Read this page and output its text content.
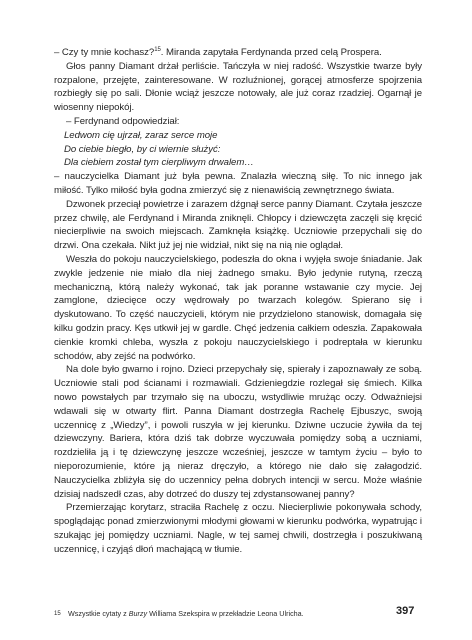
– Czy ty mnie kochasz?$^{15}$. Miranda zapytała Ferdynanda przed celą Prospera.

Głos panny Diamant drżał perliście. Tańczyła w niej radość. Wszystkie twarze były rozpalone, przejęte, zainteresowane. W rozluźnionej, gorącej atmosferze spojrzenia rozbiegły się po sali. Dłonie wciąż jeszcze notowały, ale już coraz rzadziej. Ogarnął je wiosenny niepokój.

– Ferdynand odpowiedział:

Ledwom cię ujrzał, zaraz serce moje

Do ciebie biegło, by ci wiernie służyć:

Dla ciebiem został tym cierpliwym drwalem…

– nauczycielka Diamant już była pewna. Znalazła wieczną siłę. To nic innego jak miłość. Tylko miłość była godna zmierzyć się z nienawiścią zewnętrznego świata.

Dzwonek przeciął powietrze i zarazem dźgnął serce panny Diamant. Czytała jeszcze przez chwilę, ale Ferdynand i Miranda zniknęli. Chłopcy i dziewczęta zaczęli się kręcić niecierpliwie na swoich miejscach. Zamknęła książkę. Uczniowie przepychali się do drzwi. Ona czekała. Nikt już jej nie widział, nikt się na nią nie oglądał.

Weszła do pokoju nauczycielskiego, podeszła do okna i wyjęła swoje śniadanie. Jak zwykle jedzenie nie miało dla niej żadnego smaku. Było jedynie rutyną, rzeczą mechaniczną, którą należy wykonać, tak jak poranne wstawanie czy mycie. Jej zamglone, dziecięce oczy wędrowały po twarzach kolegów. Spierano się i dyskutowano. To część nauczycieli, którym nie przydzielono stanowisk, domagała się kilku godzin pracy. Kęs utkwił jej w gardle. Chęć jedzenia całkiem odeszła. Zapakowała cienkie kromki chleba, wyszła z pokoju nauczycielskiego i podreptała w kierunku schodów, aby zejść na podwórko.

Na dole było gwarno i rojno. Dzieci przepychały się, spierały i zapoznawały ze sobą. Uczniowie stali pod ścianami i rozmawiali. Gdzieniegdzie rozlegał się śmiech. Kilka nowo powstałych par trzymało się na uboczu, wstydliwie mrużąc oczy. Odważniejsi wdawali się w otwarty flirt. Panna Diamant dostrzegła Rachelę Ejbuszyc, swoją uczennicę z „Wiedzy”, i powoli ruszyła w jej kierunku. Dziwne uczucie żywiła da tej dziewczyny. Bariera, która dziś tak dobrze wyczuwała pomiędzy sobą a uczniami, rozdzieliła ją i tę dziewczynę jeszcze wcześniej, jeszcze w tamtym życiu – było to nieporozumienie, które ją nieraz dręczyło, a którego nie dało się załagodzić. Nauczycielka zbliżyła się do uczennicy pełna dobrych intencji w sercu. Może właśnie dzisiaj nadszedł czas, aby dotrzeć do duszy tej zdystansowanej panny?

Przemierzając korytarz, straciła Rachelę z oczu. Niecierpliwie pokonywała schody, spoglądając ponad zmierzwionymi młodymi głowami w kierunku podwórka, wypatrując i szukając jej pomiędzy uczniami. Nagle, w tej samej chwili, dostrzegła i poszukiwaną uczennicę, i czyjąś dłoń machającą w tłumie.

15 Wszystkie cytaty z Burzy Williama Szekspira w przekładzie Leona Ulricha.	397
